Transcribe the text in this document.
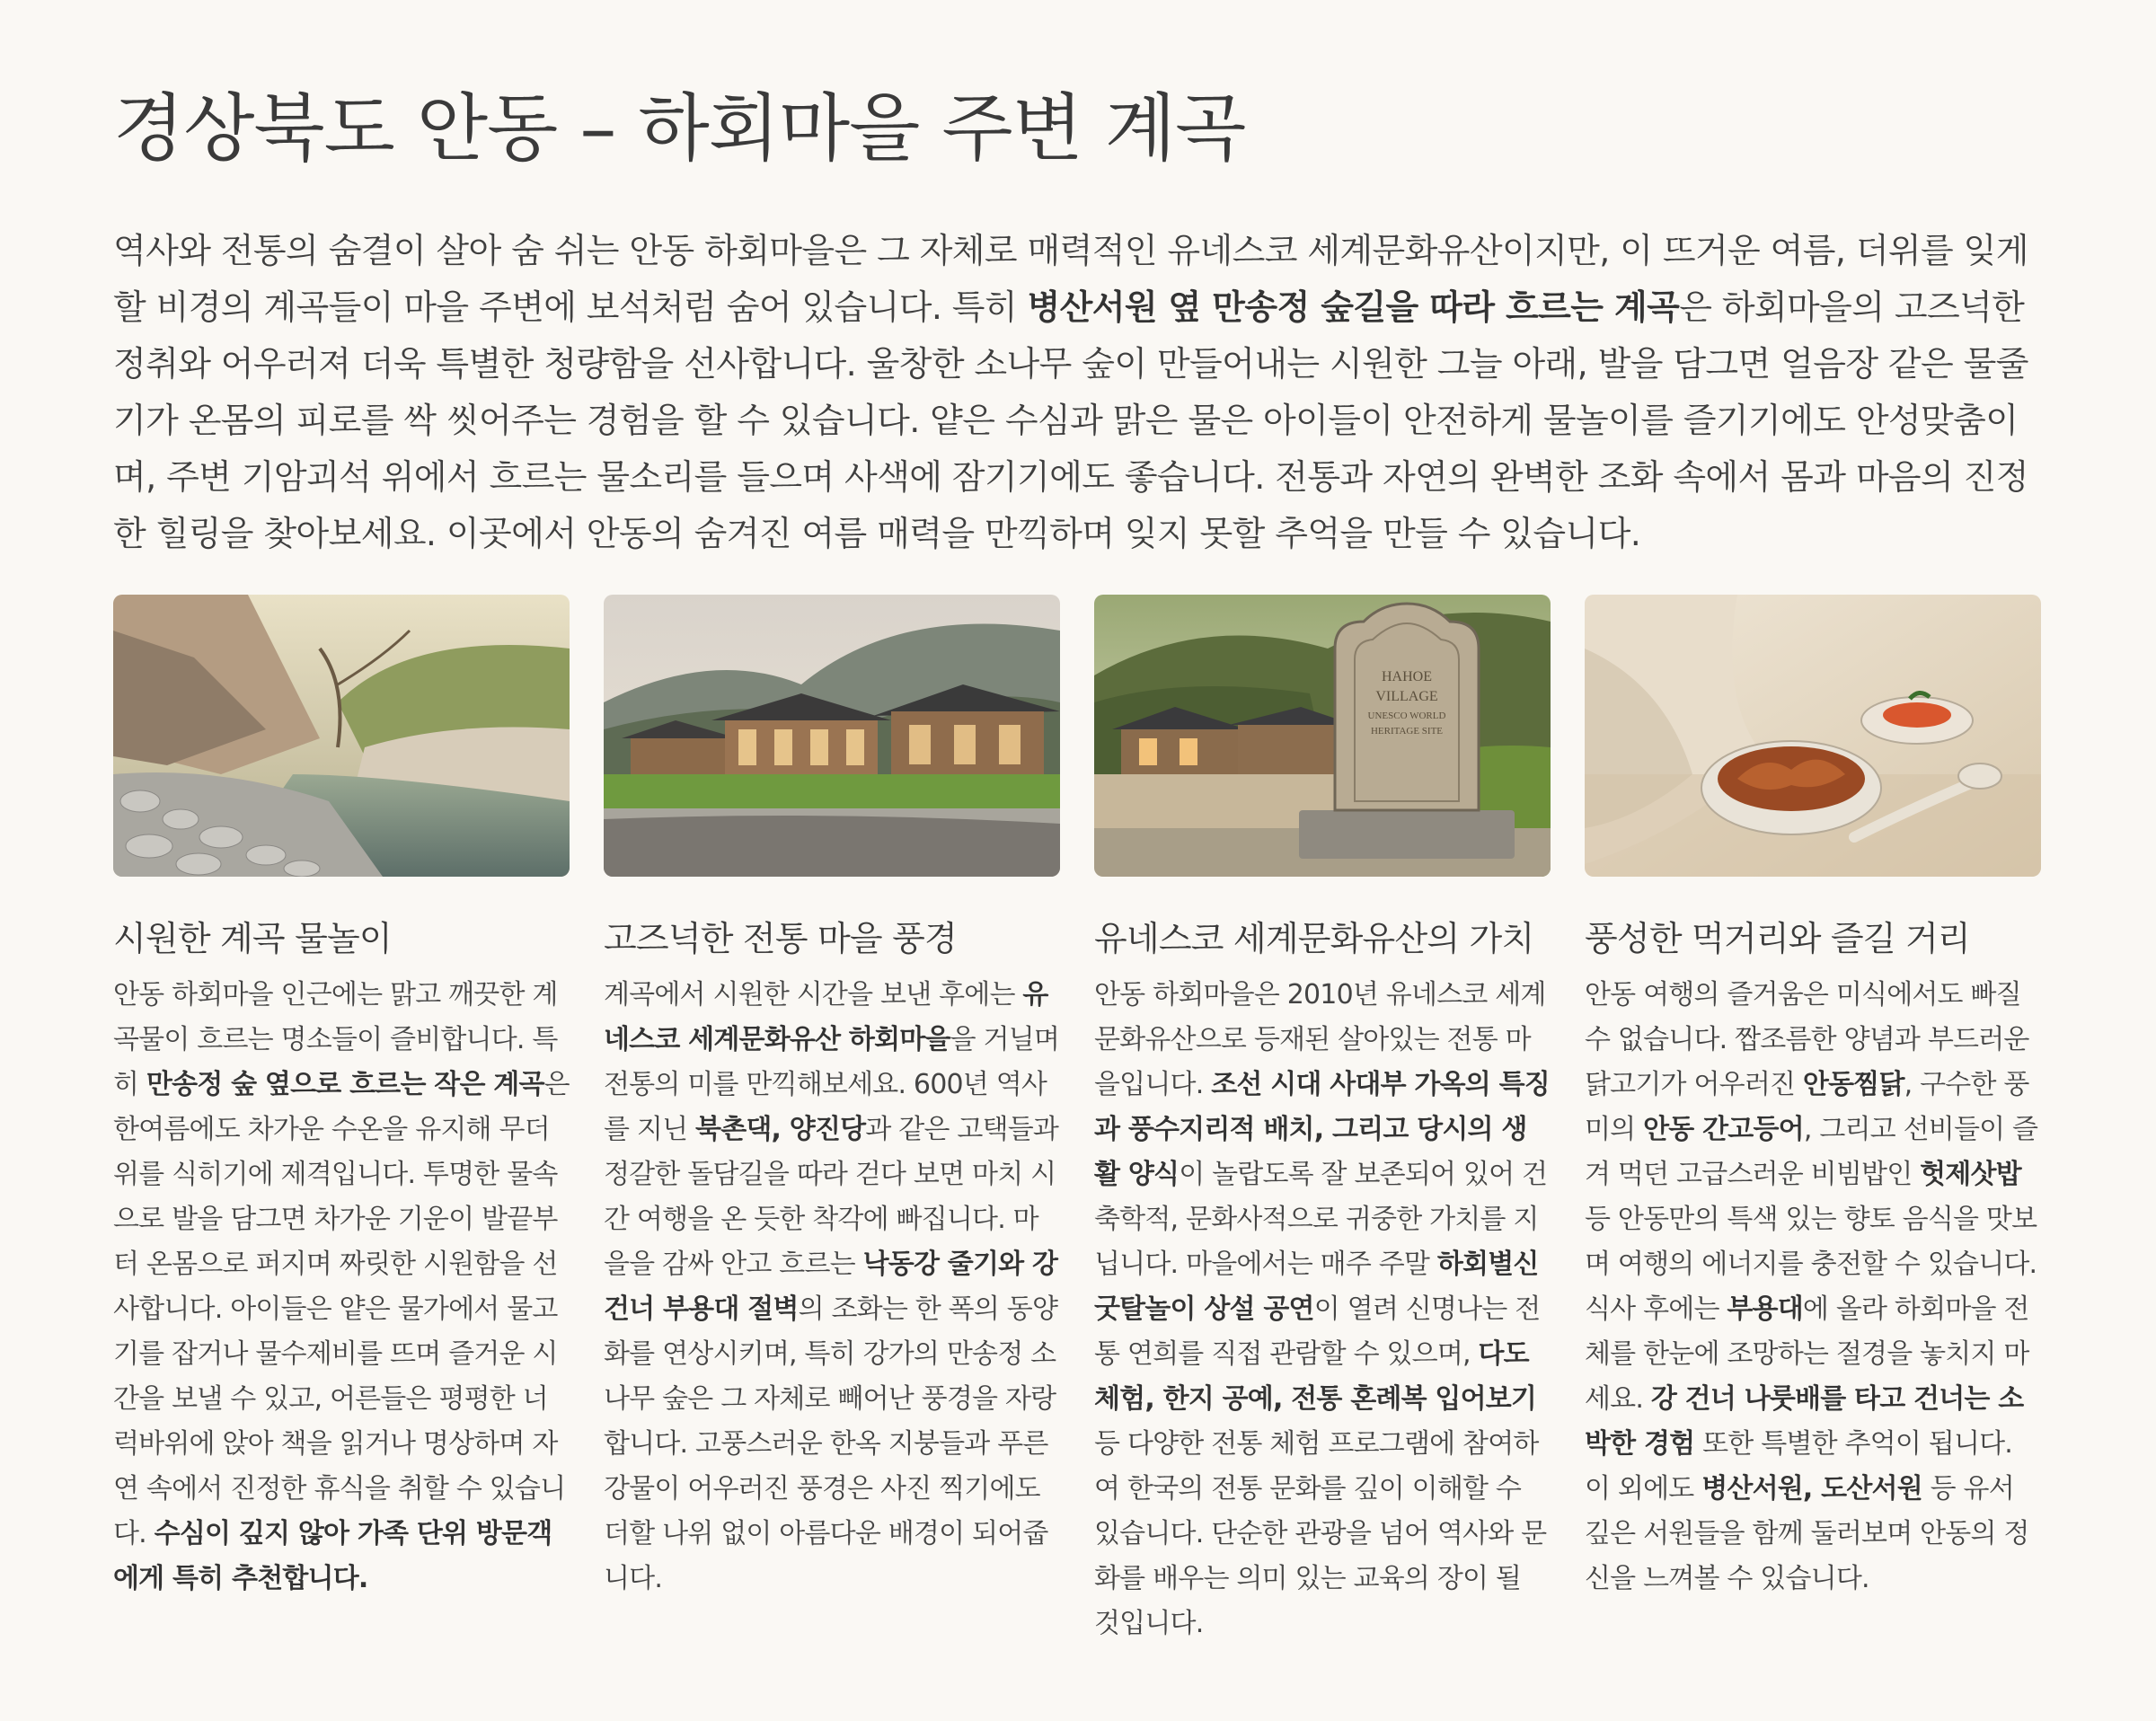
경상북도 안동 – 하회마을 주변 계곡

역사와 전통의 숨결이 살아 숨 쉬는 안동 하회마을은 그 자체로 매력적인 유네스코 세계문화유산이지만, 이 뜨거운 여름, 더위를 잊게 할 비경의 계곡들이 마을 주변에 보석처럼 숨어 있습니다. 특히 병산서원 옆 만송정 숲길을 따라 흐르는 계곡은 하회마을의 고즈넉한 정취와 어우러져 더욱 특별한 청량함을 선사합니다. 울창한 소나무 숲이 만들어내는 시원한 그늘 아래, 발을 담그면 얼음장 같은 물줄기가 온몸의 피로를 싹 씻어주는 경험을 할 수 있습니다. 얕은 수심과 맑은 물은 아이들이 안전하게 물놀이를 즐기기에도 안성맞춤이며, 주변 기암괴석 위에서 흐르는 물소리를 들으며 사색에 잠기기에도 좋습니다. 전통과 자연의 완벽한 조화 속에서 몸과 마음의 진정한 힐링을 찾아보세요. 이곳에서 안동의 숨겨진 여름 매력을 만끽하며 잊지 못할 추억을 만들 수 있습니다.

시원한 계곡 물놀이

안동 하회마을 인근에는 맑고 깨끗한 계곡물이 흐르는 명소들이 즐비합니다. 특히 만송정 숲 옆으로 흐르는 작은 계곡은 한여름에도 차가운 수온을 유지해 무더위를 식히기에 제격입니다. 투명한 물속으로 발을 담그면 차가운 기운이 발끝부터 온몸으로 퍼지며 짜릿한 시원함을 선사합니다. 아이들은 얕은 물가에서 물고기를 잡거나 물수제비를 뜨며 즐거운 시간을 보낼 수 있고, 어른들은 평평한 너럭바위에 앉아 책을 읽거나 명상하며 자연 속에서 진정한 휴식을 취할 수 있습니다. 수심이 깊지 않아 가족 단위 방문객에게 특히 추천합니다.

고즈넉한 전통 마을 풍경

계곡에서 시원한 시간을 보낸 후에는 유네스코 세계문화유산 하회마을을 거닐며 전통의 미를 만끽해보세요. 600년 역사를 지닌 북촌댁, 양진당과 같은 고택들과 정갈한 돌담길을 따라 걷다 보면 마치 시간 여행을 온 듯한 착각에 빠집니다. 마을을 감싸 안고 흐르는 낙동강 줄기와 강 건너 부용대 절벽의 조화는 한 폭의 동양화를 연상시키며, 특히 강가의 만송정 소나무 숲은 그 자체로 빼어난 풍경을 자랑합니다. 고풍스러운 한옥 지붕들과 푸른 강물이 어우러진 풍경은 사진 찍기에도 더할 나위 없이 아름다운 배경이 되어줍니다.

HAHOE
VILLAGE
UNESCO WORLD
HERITAGE SITE
유네스코 세계문화유산의 가치

안동 하회마을은 2010년 유네스코 세계문화유산으로 등재된 살아있는 전통 마을입니다. 조선 시대 사대부 가옥의 특징과 풍수지리적 배치, 그리고 당시의 생활 양식이 놀랍도록 잘 보존되어 있어 건축학적, 문화사적으로 귀중한 가치를 지닙니다. 마을에서는 매주 주말 하회별신굿탈놀이 상설 공연이 열려 신명나는 전통 연희를 직접 관람할 수 있으며, 다도 체험, 한지 공예, 전통 혼례복 입어보기 등 다양한 전통 체험 프로그램에 참여하여 한국의 전통 문화를 깊이 이해할 수 있습니다. 단순한 관광을 넘어 역사와 문화를 배우는 의미 있는 교육의 장이 될 것입니다.

풍성한 먹거리와 즐길 거리

안동 여행의 즐거움은 미식에서도 빠질 수 없습니다. 짭조름한 양념과 부드러운 닭고기가 어우러진 안동찜닭, 구수한 풍미의 안동 간고등어, 그리고 선비들이 즐겨 먹던 고급스러운 비빔밥인 헛제삿밥 등 안동만의 특색 있는 향토 음식을 맛보며 여행의 에너지를 충전할 수 있습니다. 식사 후에는 부용대에 올라 하회마을 전체를 한눈에 조망하는 절경을 놓치지 마세요. 강 건너 나룻배를 타고 건너는 소박한 경험 또한 특별한 추억이 됩니다. 이 외에도 병산서원, 도산서원 등 유서 깊은 서원들을 함께 둘러보며 안동의 정신을 느껴볼 수 있습니다.
